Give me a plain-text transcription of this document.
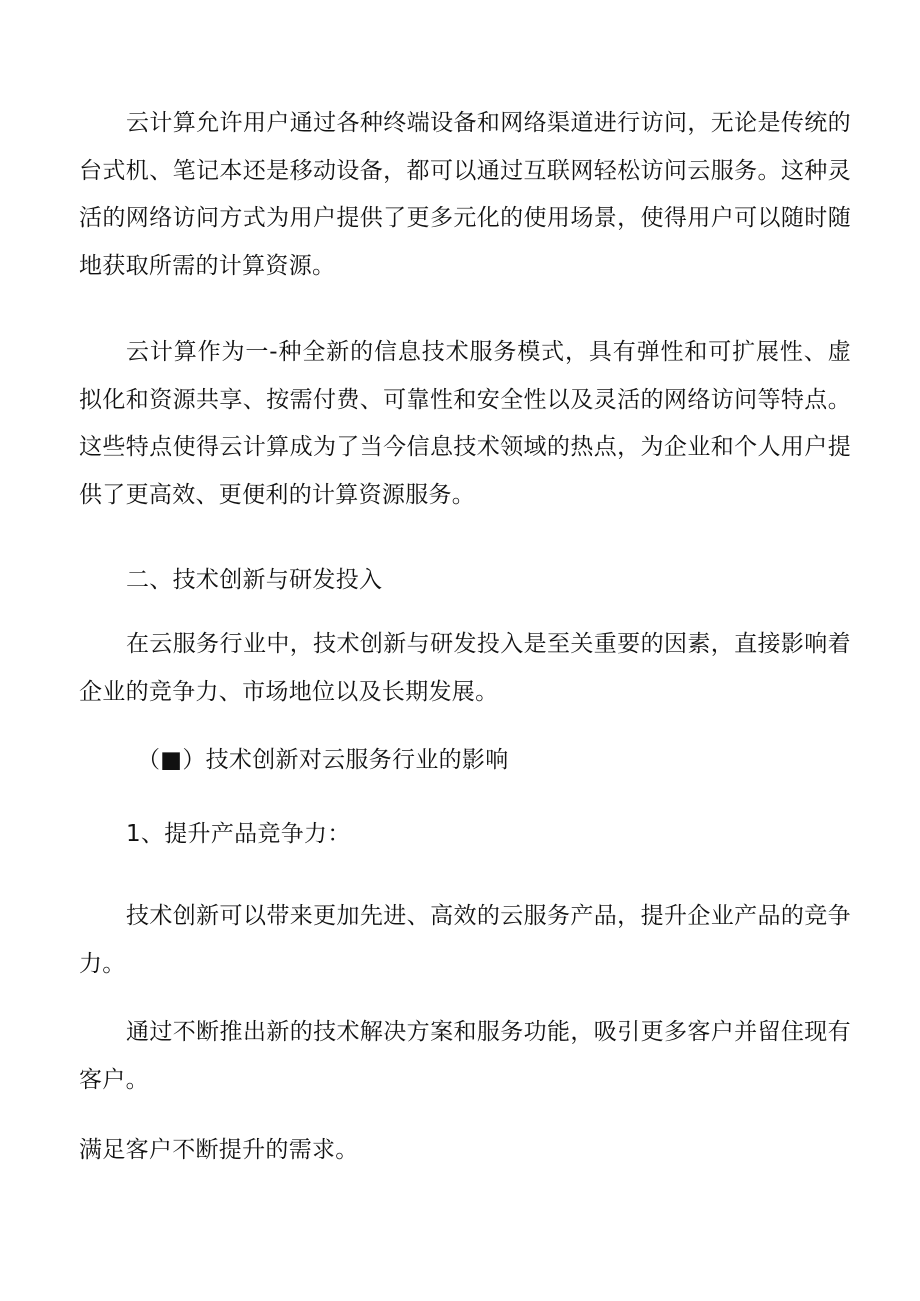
云计算允许用户通过各种终端设备和网络渠道进行访问，无论是传统的台式机、笔记本还是移动设备，都可以通过互联网轻松访问云服务。这种灵活的网络访问方式为用户提供了更多元化的使用场景，使得用户可以随时随地获取所需的计算资源。

云计算作为一-种全新的信息技术服务模式，具有弹性和可扩展性、虚拟化和资源共享、按需付费、可靠性和安全性以及灵活的网络访问等特点。这些特点使得云计算成为了当今信息技术领域的热点，为企业和个人用户提供了更高效、更便利的计算资源服务。

二、技术创新与研发投入

在云服务行业中，技术创新与研发投入是至关重要的因素，直接影响着企业的竞争力、市场地位以及长期发展。

（■）技术创新对云服务行业的影响

1、提升产品竞争力：

技术创新可以带来更加先进、高效的云服务产品，提升企业产品的竞争力。

通过不断推出新的技术解决方案和服务功能，吸引更多客户并留住现有客户。

满足客户不断提升的需求。
